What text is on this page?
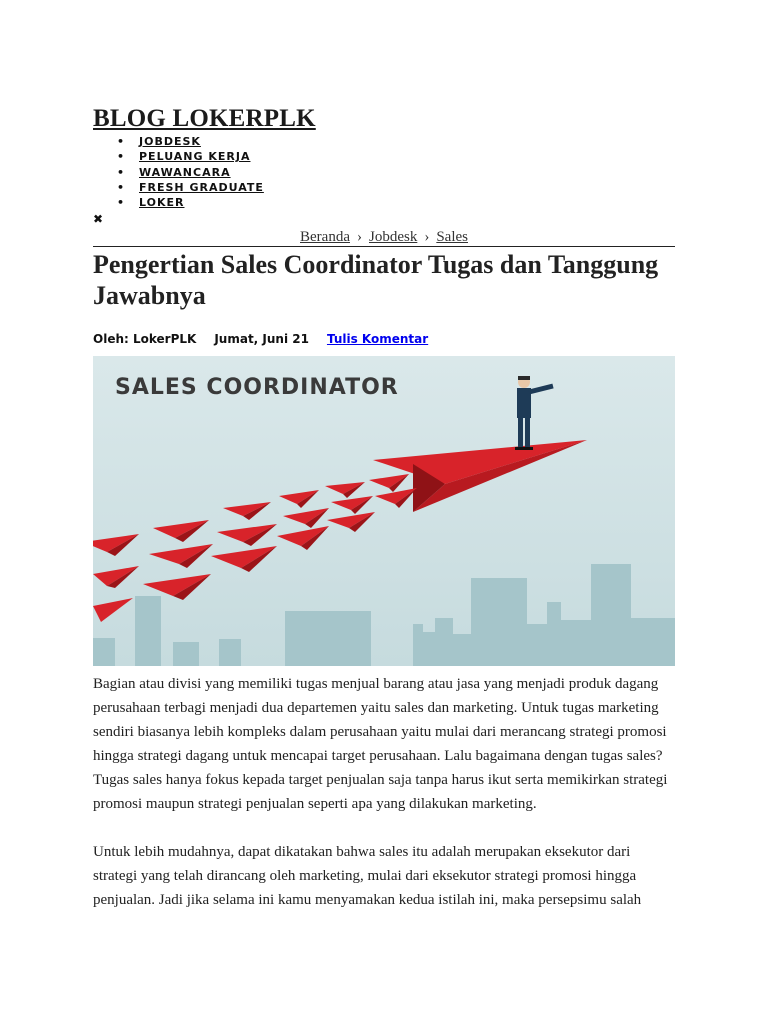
BLOG LOKERPLK
• JOBDESK
• PELUANG KERJA
• WAWANCARA
• FRESH GRADUATE
• LOKER
✖
Beranda › Jobdesk › Sales
Pengertian Sales Coordinator Tugas dan Tanggung Jawabnya
Oleh: LokerPLK Jumat, Juni 21 Tulis Komentar
SALES COORDINATOR

Bagian atau divisi yang memiliki tugas menjual barang atau jasa yang menjadi produk dagang perusahaan terbagi menjadi dua departemen yaitu sales dan marketing. Untuk tugas marketing sendiri biasanya lebih kompleks dalam perusahaan yaitu mulai dari merancang strategi promosi hingga strategi dagang untuk mencapai target perusahaan. Lalu bagaimana dengan tugas sales? Tugas sales hanya fokus kepada target penjualan saja tanpa harus ikut serta memikirkan strategi promosi maupun strategi penjualan seperti apa yang dilakukan marketing.

Untuk lebih mudahnya, dapat dikatakan bahwa sales itu adalah merupakan eksekutor dari strategi yang telah dirancang oleh marketing, mulai dari eksekutor strategi promosi hingga penjualan. Jadi jika selama ini kamu menyamakan kedua istilah ini, maka persepsimu salah
